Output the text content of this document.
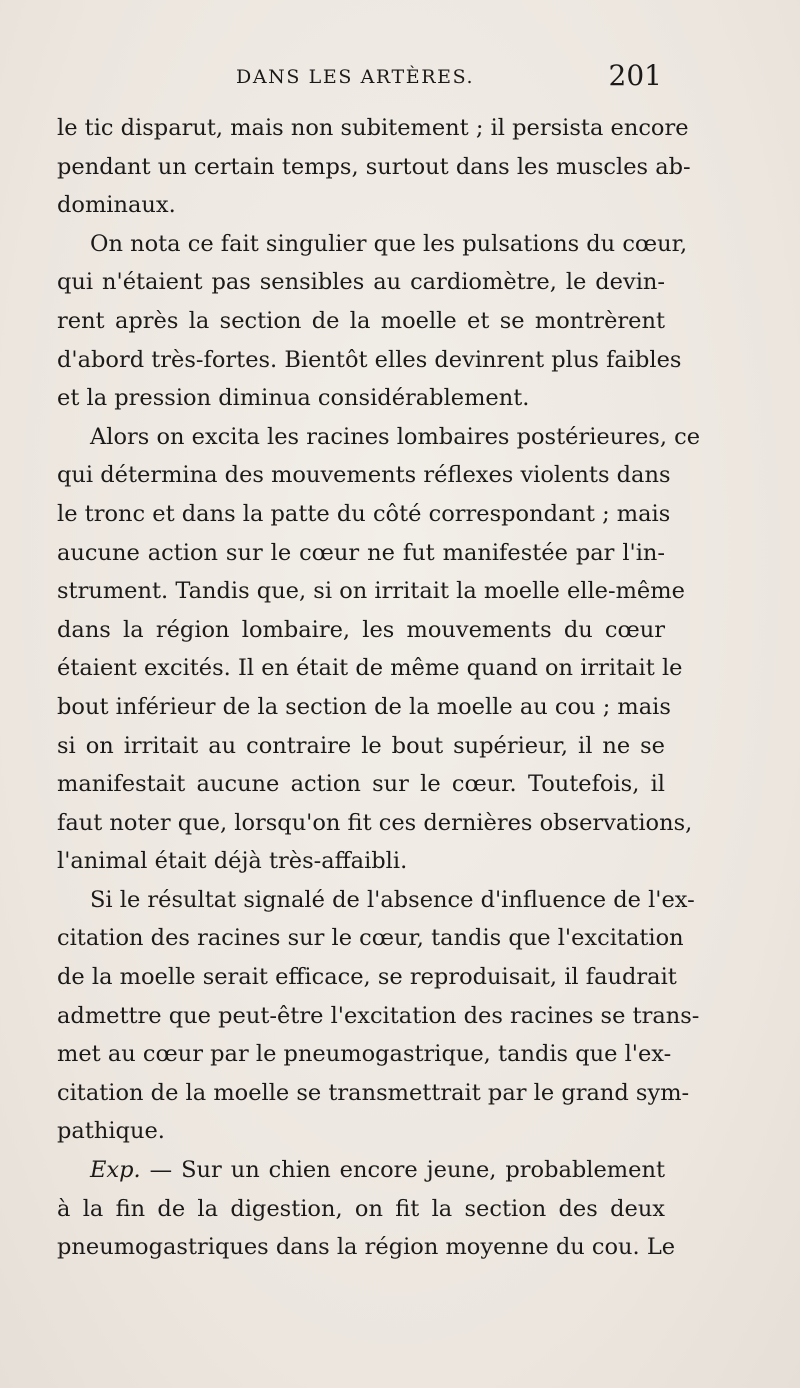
DANS LES ARTÈRES.	201
le tic disparut, mais non subitement ; il persista encore
pendant un certain temps, surtout dans les muscles ab-
dominaux.
On nota ce fait singulier que les pulsations du cœur,
qui n'étaient pas sensibles au cardiomètre, le devin-
rent après la section de la moelle et se montrèrent
d'abord très-fortes. Bientôt elles devinrent plus faibles
et la pression diminua considérablement.
Alors on excita les racines lombaires postérieures, ce
qui détermina des mouvements réflexes violents dans
le tronc et dans la patte du côté correspondant ; mais
aucune action sur le cœur ne fut manifestée par l'in-
strument. Tandis que, si on irritait la moelle elle-même
dans la région lombaire, les mouvements du cœur
étaient excités. Il en était de même quand on irritait le
bout inférieur de la section de la moelle au cou ; mais
si on irritait au contraire le bout supérieur, il ne se
manifestait aucune action sur le cœur. Toutefois, il
faut noter que, lorsqu'on fit ces dernières observations,
l'animal était déjà très-affaibli.
Si le résultat signalé de l'absence d'influence de l'ex-
citation des racines sur le cœur, tandis que l'excitation
de la moelle serait efficace, se reproduisait, il faudrait
admettre que peut-être l'excitation des racines se trans-
met au cœur par le pneumogastrique, tandis que l'ex-
citation de la moelle se transmettrait par le grand sym-
pathique.
Exp. — Sur un chien encore jeune, probablement
à la fin de la digestion, on fit la section des deux
pneumogastriques dans la région moyenne du cou. Le
